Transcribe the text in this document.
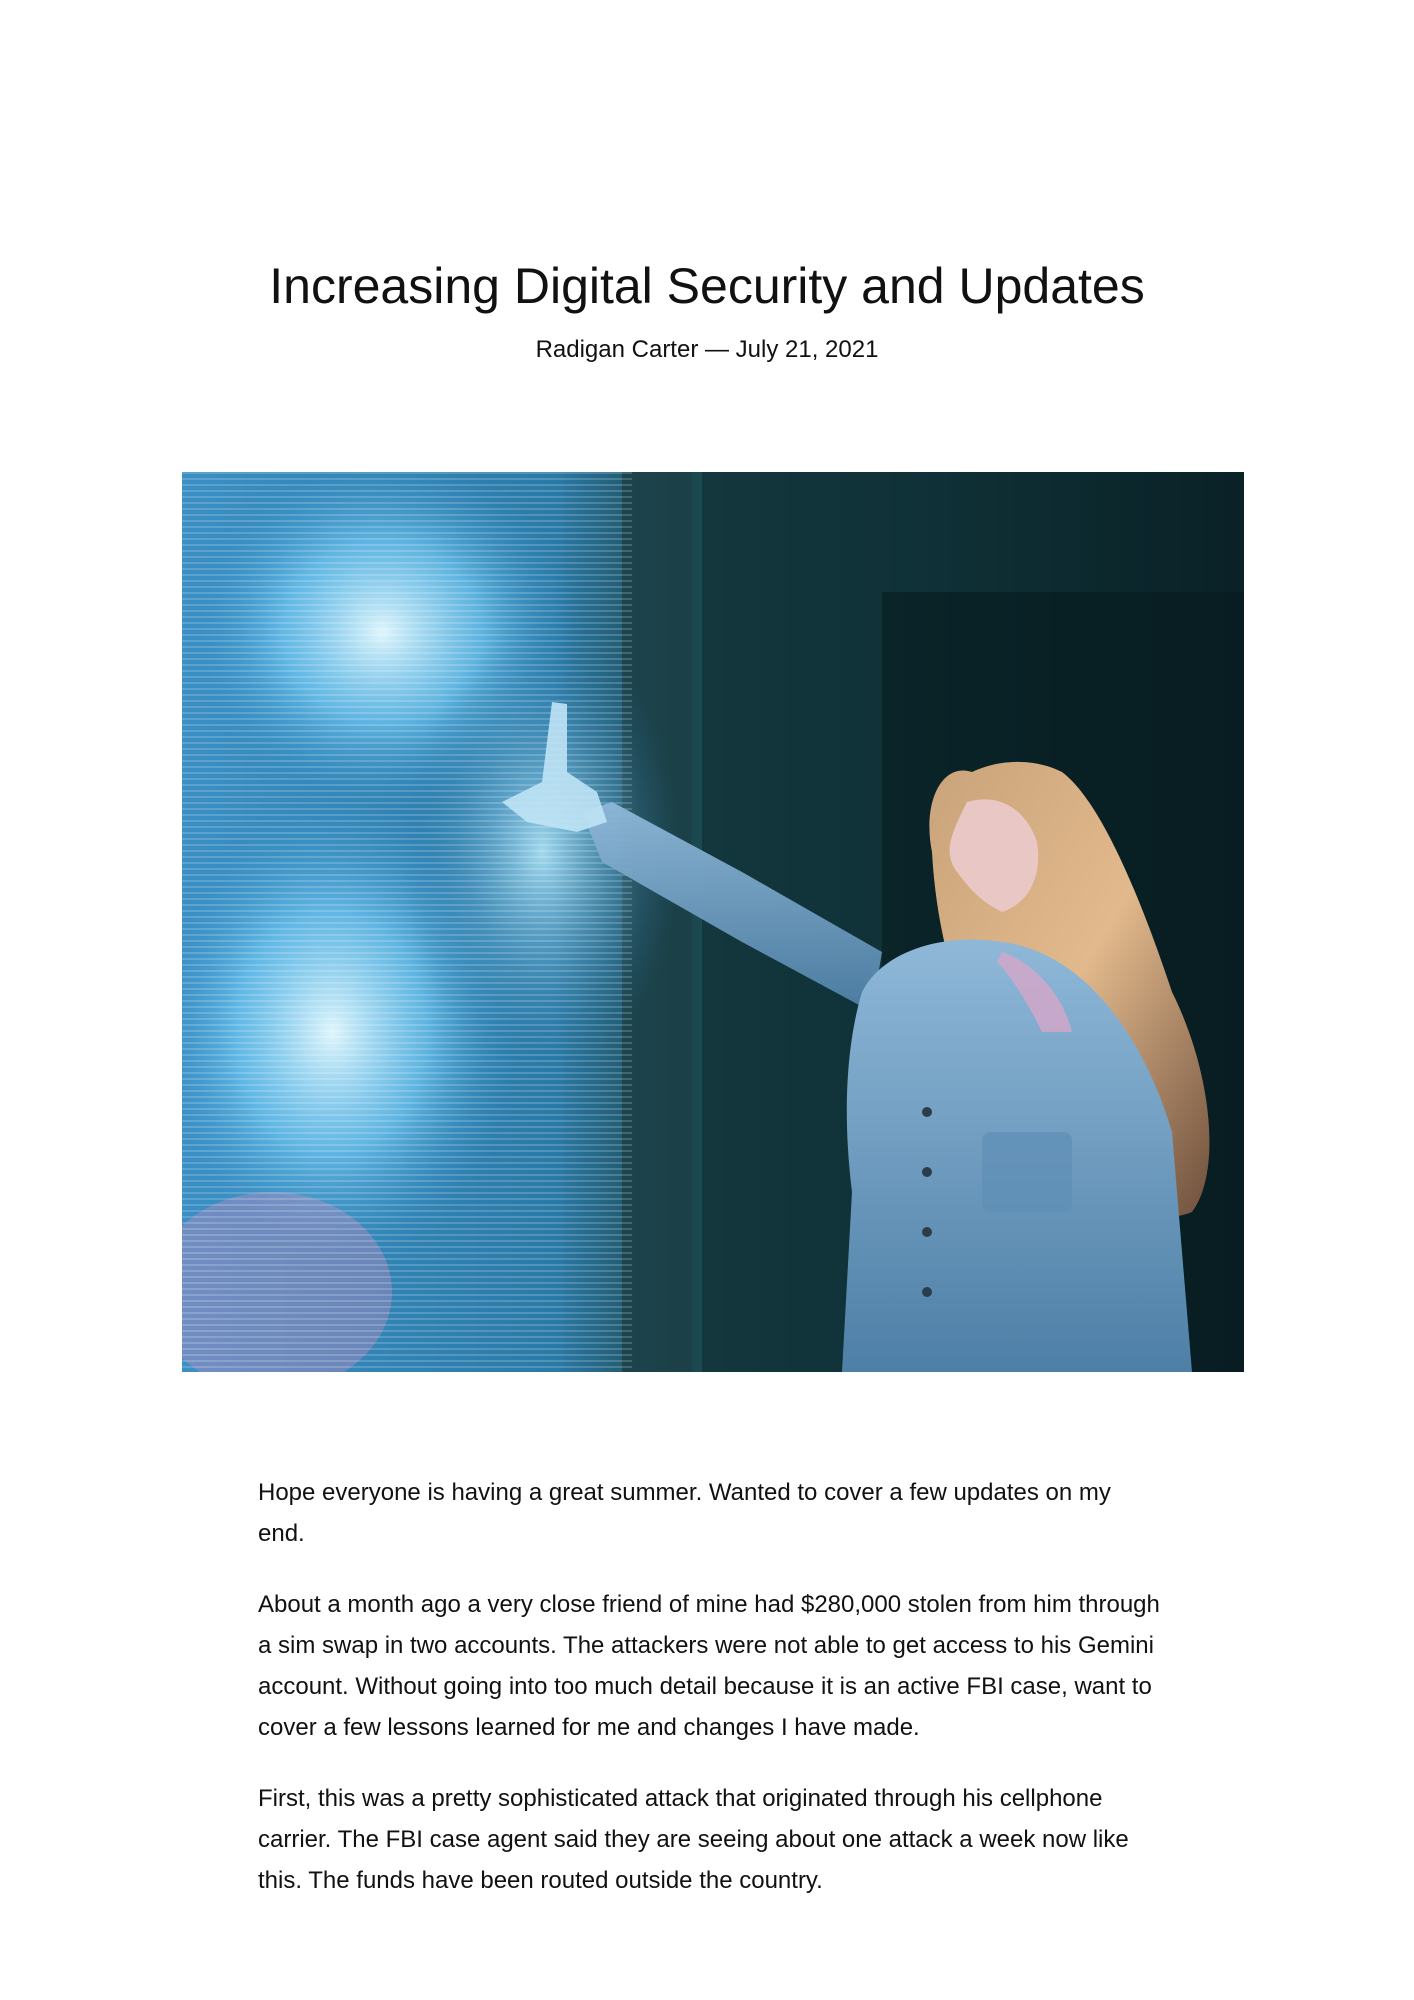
Increasing Digital Security and Updates
Radigan Carter — July 21, 2021

Hope everyone is having a great summer. Wanted to cover a few updates on my end.

About a month ago a very close friend of mine had $280,000 stolen from him through a sim swap in two accounts. The attackers were not able to get access to his Gemini account. Without going into too much detail because it is an active FBI case, want to cover a few lessons learned for me and changes I have made.

First, this was a pretty sophisticated attack that originated through his cellphone carrier. The FBI case agent said they are seeing about one attack a week now like this. The funds have been routed outside the country.
